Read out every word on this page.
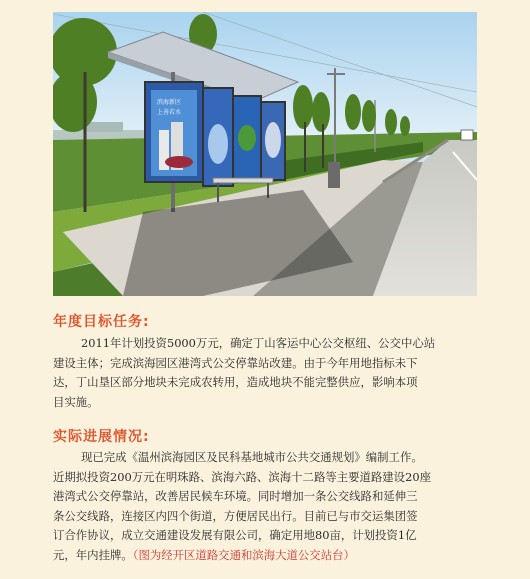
滨海新区
上善若水
年度目标任务:

2011年计划投资5000万元，确定丁山客运中心公交枢纽、公交中心站
建设主体；完成滨海园区港湾式公交停靠站改建。由于今年用地指标未下
达，丁山垦区部分地块未完成农转用，造成地块不能完整供应，影响本项
目实施。

实际进展情况:

现已完成《温州滨海园区及民科基地城市公共交通规划》编制工作。
近期拟投资200万元在明珠路、滨海六路、滨海十二路等主要道路建设20座
港湾式公交停靠站，改善居民候车环境。同时增加一条公交线路和延伸三
条公交线路，连接区内四个街道，方便居民出行。目前已与市交运集团签
订合作协议，成立交通建设发展有限公司，确定用地80亩，计划投资1亿
元，年内挂牌。（图为经开区道路交通和滨海大道公交站台）
